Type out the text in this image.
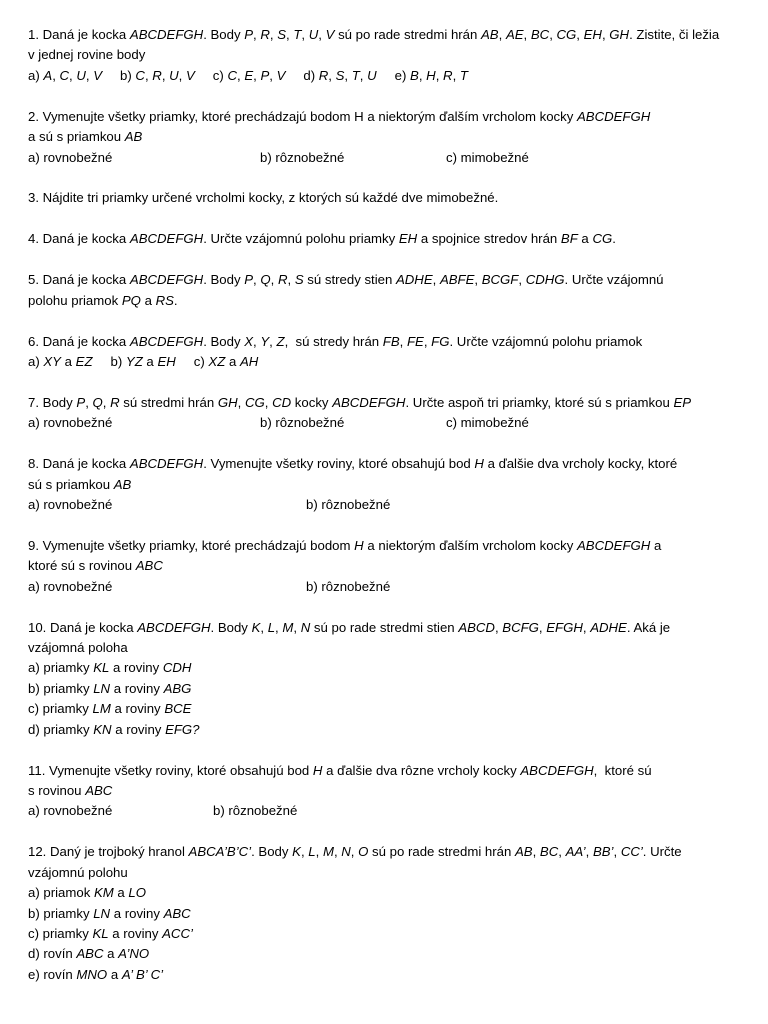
1. Daná je kocka ABCDEFGH. Body P, R, S, T, U, V sú po rade stredmi hrán AB, AE, BC, CG, EH, GH. Zistite, či ležia
v jednej rovine body
a) A, C, U, V b) C, R, U, V c) C, E, P, V d) R, S, T, U e) B, H, R, T
2. Vymenujte všetky priamky, ktoré prechádzajú bodom H a niektorým ďalším vrcholom kocky ABCDEFGH
a sú s priamkou AB
a) rovnobežné	b) rôznobežné	c) mimobežné
3. Nájdite tri priamky určené vrcholmi kocky, z ktorých sú každé dve mimobežné.
4. Daná je kocka ABCDEFGH. Určte vzájomnú polohu priamky EH a spojnice stredov hrán BF a CG.
5. Daná je kocka ABCDEFGH. Body P, Q, R, S sú stredy stien ADHE, ABFE, BCGF, CDHG. Určte vzájomnú
polohu priamok PQ a RS.
6. Daná je kocka ABCDEFGH. Body X, Y, Z,  sú stredy hrán FB, FE, FG. Určte vzájomnú polohu priamok
a) XY a EZ b) YZ a EH c) XZ a AH
7. Body P, Q, R sú stredmi hrán GH, CG, CD kocky ABCDEFGH. Určte aspoň tri priamky, ktoré sú s priamkou EP
a) rovnobežné	b) rôznobežné	c) mimobežné
8. Daná je kocka ABCDEFGH. Vymenujte všetky roviny, ktoré obsahujú bod H a ďalšie dva vrcholy kocky, ktoré
sú s priamkou AB
a) rovnobežné	b) rôznobežné
9. Vymenujte všetky priamky, ktoré prechádzajú bodom H a niektorým ďalším vrcholom kocky ABCDEFGH a
ktoré sú s rovinou ABC
a) rovnobežné	b) rôznobežné
10. Daná je kocka ABCDEFGH. Body K, L, M, N sú po rade stredmi stien ABCD, BCFG, EFGH, ADHE. Aká je
vzájomná poloha
a) priamky KL a roviny CDH
b) priamky LN a roviny ABG
c) priamky LM a roviny BCE
d) priamky KN a roviny EFG?
11. Vymenujte všetky roviny, ktoré obsahujú bod H a ďalšie dva rôzne vrcholy kocky ABCDEFGH,  ktoré sú
s rovinou ABC
a) rovnobežné	b) rôznobežné
12. Daný je trojboký hranol ABCA’B’C’. Body K, L, M, N, O sú po rade stredmi hrán AB, BC, AA’, BB’, CC’. Určte
vzájomnú polohu
a) priamok KM a LO
b) priamky LN a roviny ABC
c) priamky KL a roviny ACC’
d) rovín ABC a A’NO
e) rovín MNO a A’ B’ C’
